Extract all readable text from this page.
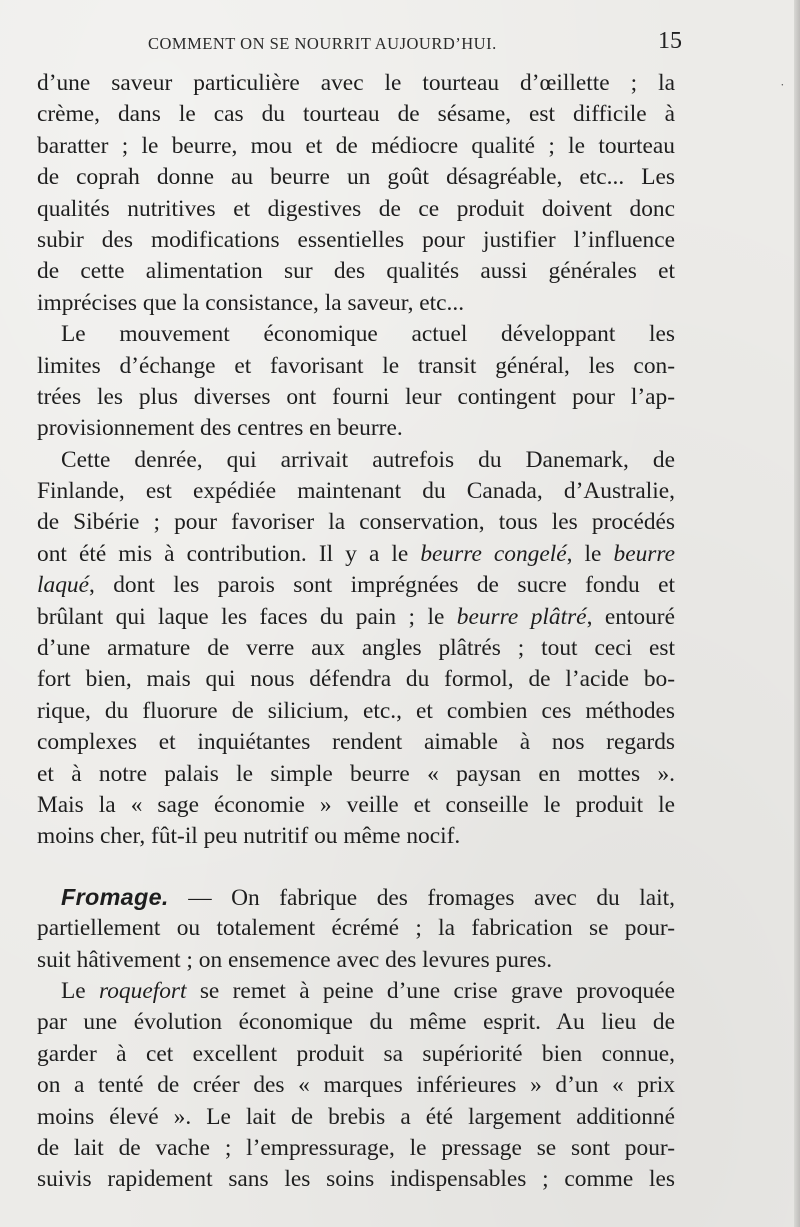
COMMENT ON SE NOURRIT AUJOURD’HUI.	15
d’une saveur particulière avec le tourteau d’œillette ; la
crème, dans le cas du tourteau de sésame, est difficile à
baratter ; le beurre, mou et de médiocre qualité ; le tourteau
de coprah donne au beurre un goût désagréable, etc... Les
qualités nutritives et digestives de ce produit doivent donc
subir des modifications essentielles pour justifier l’influence
de cette alimentation sur des qualités aussi générales et
imprécises que la consistance, la saveur, etc...
Le mouvement économique actuel développant les
limites d’échange et favorisant le transit général, les con-
trées les plus diverses ont fourni leur contingent pour l’ap-
provisionnement des centres en beurre.
Cette denrée, qui arrivait autrefois du Danemark, de
Finlande, est expédiée maintenant du Canada, d’Australie,
de Sibérie ; pour favoriser la conservation, tous les procédés
ont été mis à contribution. Il y a le beurre congelé, le beurre
laqué, dont les parois sont imprégnées de sucre fondu et
brûlant qui laque les faces du pain ; le beurre plâtré, entouré
d’une armature de verre aux angles plâtrés ; tout ceci est
fort bien, mais qui nous défendra du formol, de l’acide bo-
rique, du fluorure de silicium, etc., et combien ces méthodes
complexes et inquiétantes rendent aimable à nos regards
et à notre palais le simple beurre « paysan en mottes ».
Mais la « sage économie » veille et conseille le produit le
moins cher, fût-il peu nutritif ou même nocif.
Fromage. — On fabrique des fromages avec du lait,
partiellement ou totalement écrémé ; la fabrication se pour-
suit hâtivement ; on ensemence avec des levures pures.
Le roquefort se remet à peine d’une crise grave provoquée
par une évolution économique du même esprit. Au lieu de
garder à cet excellent produit sa supériorité bien connue,
on a tenté de créer des « marques inférieures » d’un « prix
moins élevé ». Le lait de brebis a été largement additionné
de lait de vache ; l’empressurage, le pressage se sont pour-
suivis rapidement sans les soins indispensables ; comme les
˙
